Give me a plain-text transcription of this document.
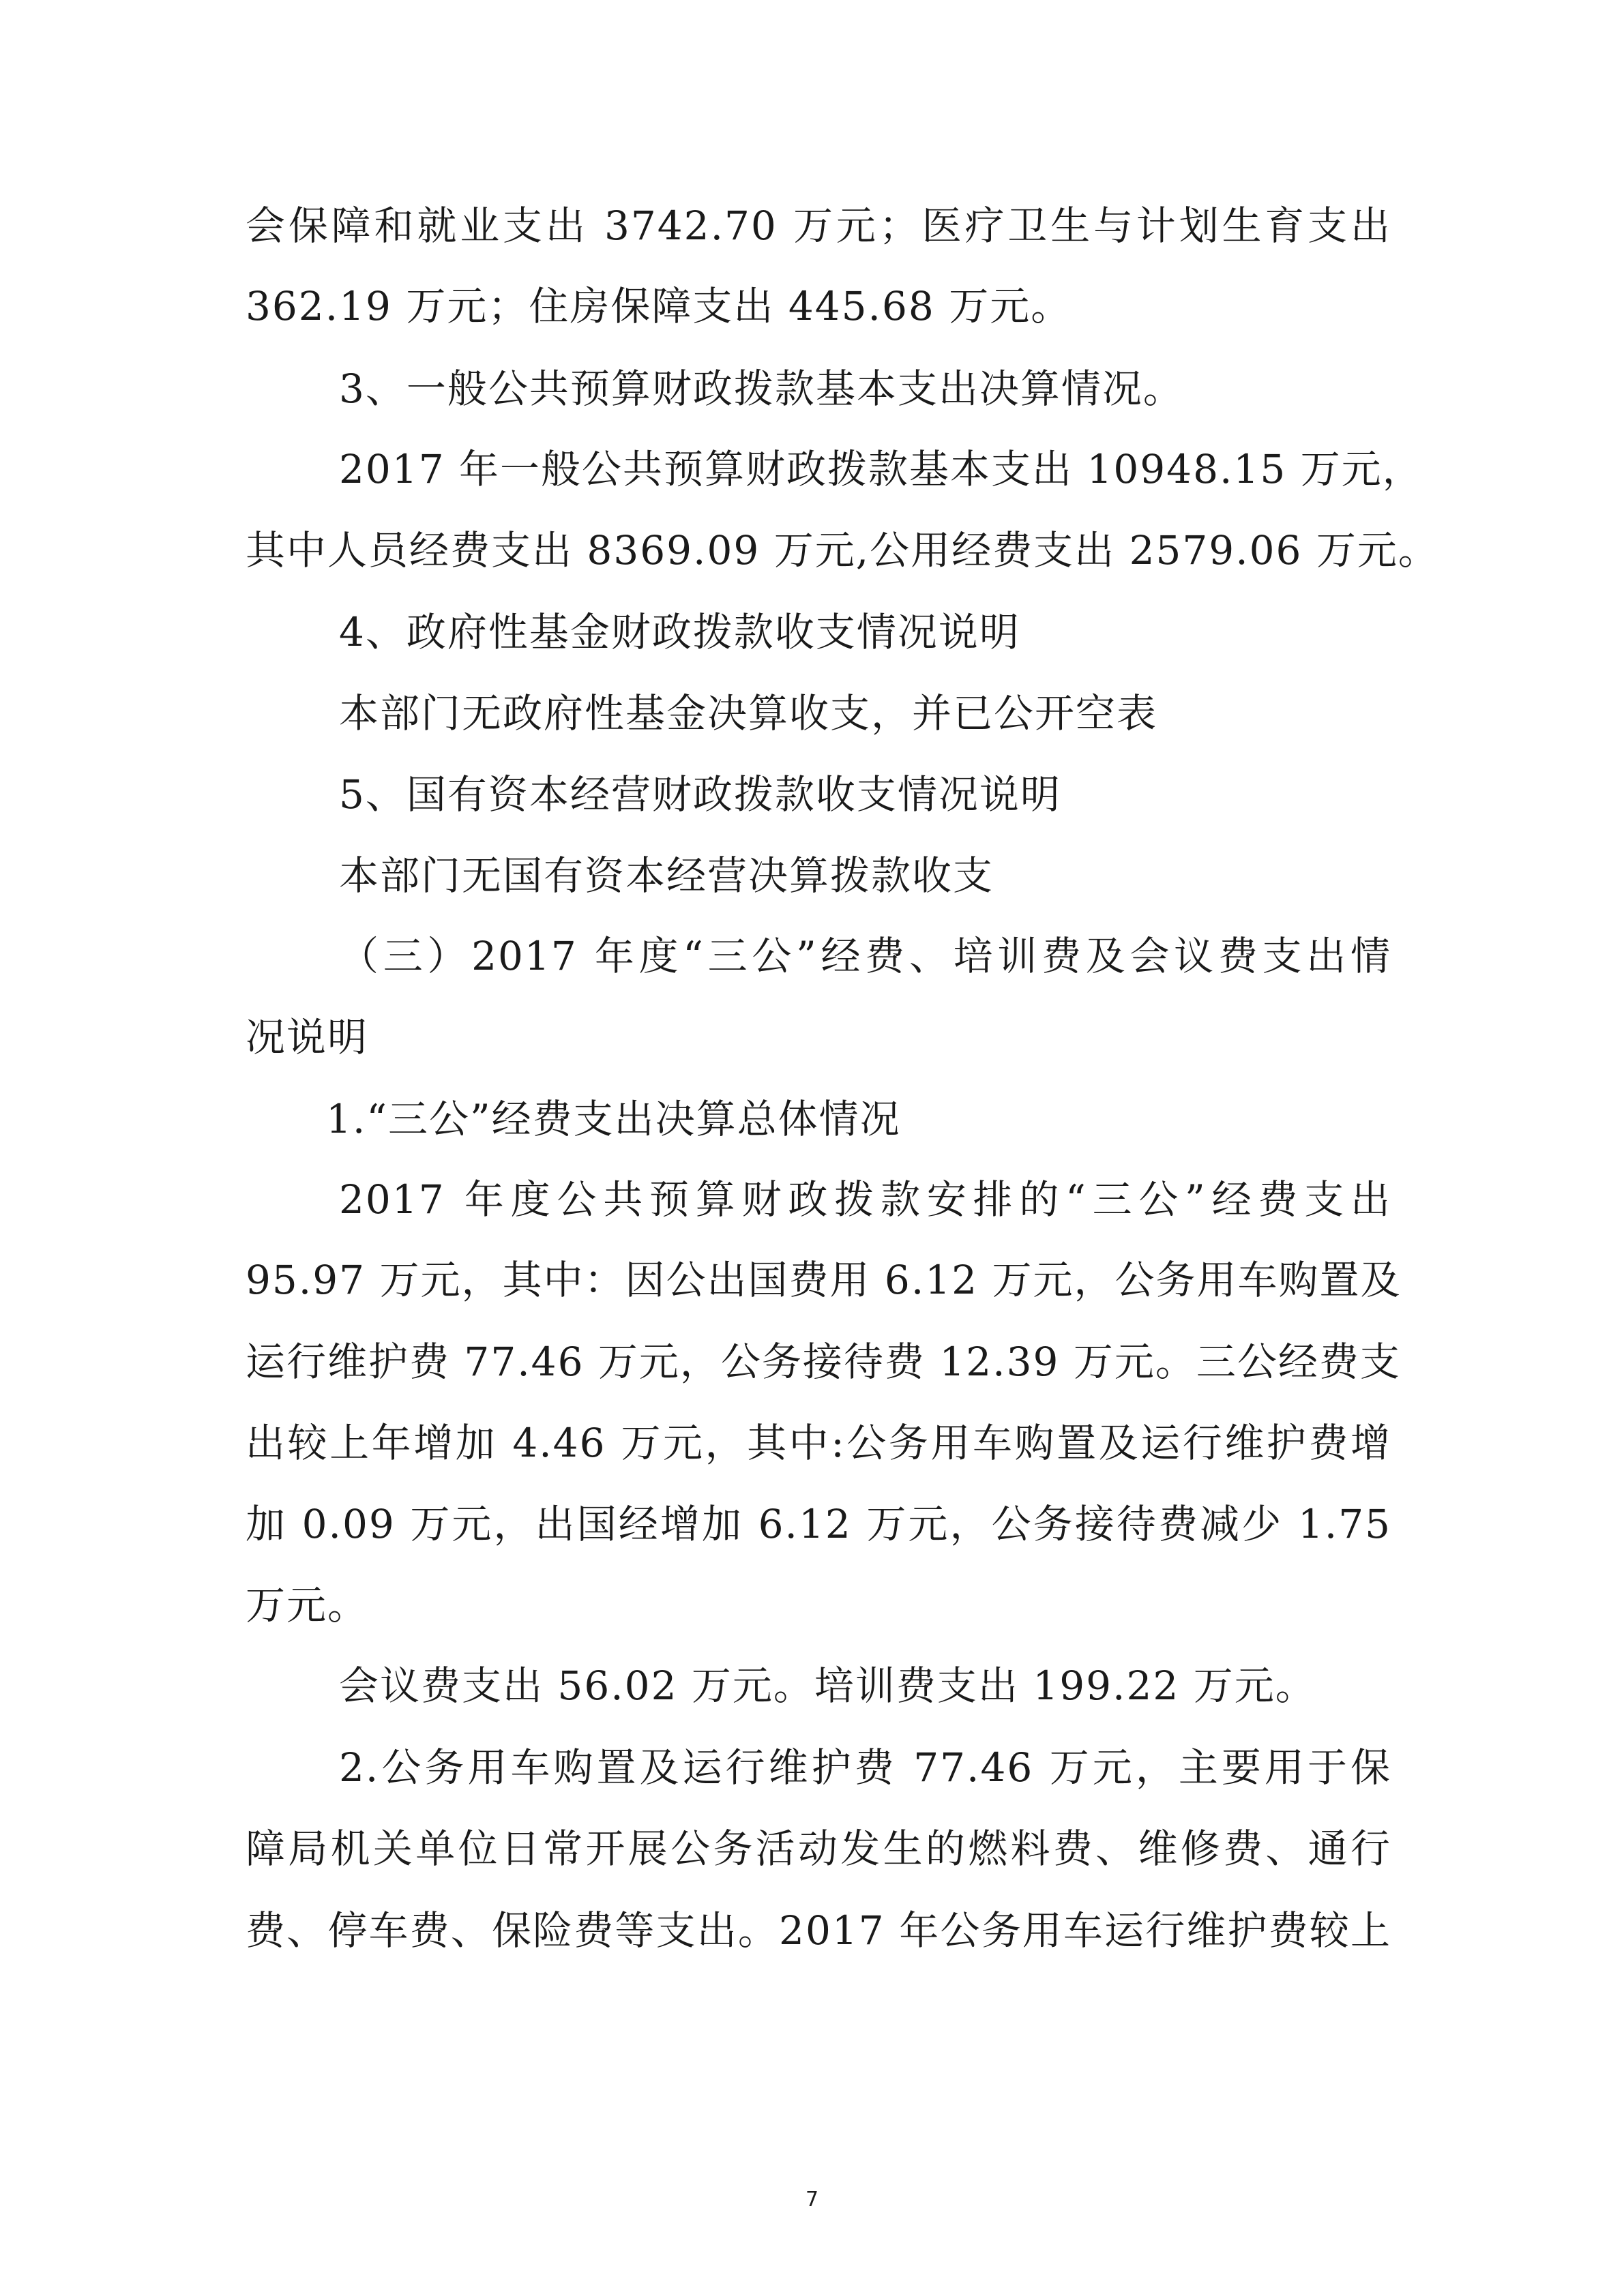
会保障和就业支出 3742.70 万元；医疗卫生与计划生育支出
362.19 万元；住房保障支出 445.68 万元。
3、一般公共预算财政拨款基本支出决算情况。
2017 年一般公共预算财政拨款基本支出 10948.15 万元，
其中人员经费支出 8369.09 万元,公用经费支出 2579.06 万元。
4、政府性基金财政拨款收支情况说明
本部门无政府性基金决算收支，并已公开空表
5、国有资本经营财政拨款收支情况说明
本部门无国有资本经营决算拨款收支
（三）2017 年度“三公”经费、培训费及会议费支出情
况说明
1.“三公”经费支出决算总体情况
2017 年度公共预算财政拨款安排的“三公”经费支出
95.97 万元，其中：因公出国费用 6.12 万元，公务用车购置及
运行维护费 77.46 万元，公务接待费 12.39 万元。三公经费支
出较上年增加 4.46 万元，其中:公务用车购置及运行维护费增
加 0.09 万元，出国经增加 6.12 万元，公务接待费减少 1.75
万元。
会议费支出 56.02 万元。培训费支出 199.22 万元。
2.公务用车购置及运行维护费 77.46 万元，主要用于保
障局机关单位日常开展公务活动发生的燃料费、维修费、通行
费、停车费、保险费等支出。2017 年公务用车运行维护费较上
7
